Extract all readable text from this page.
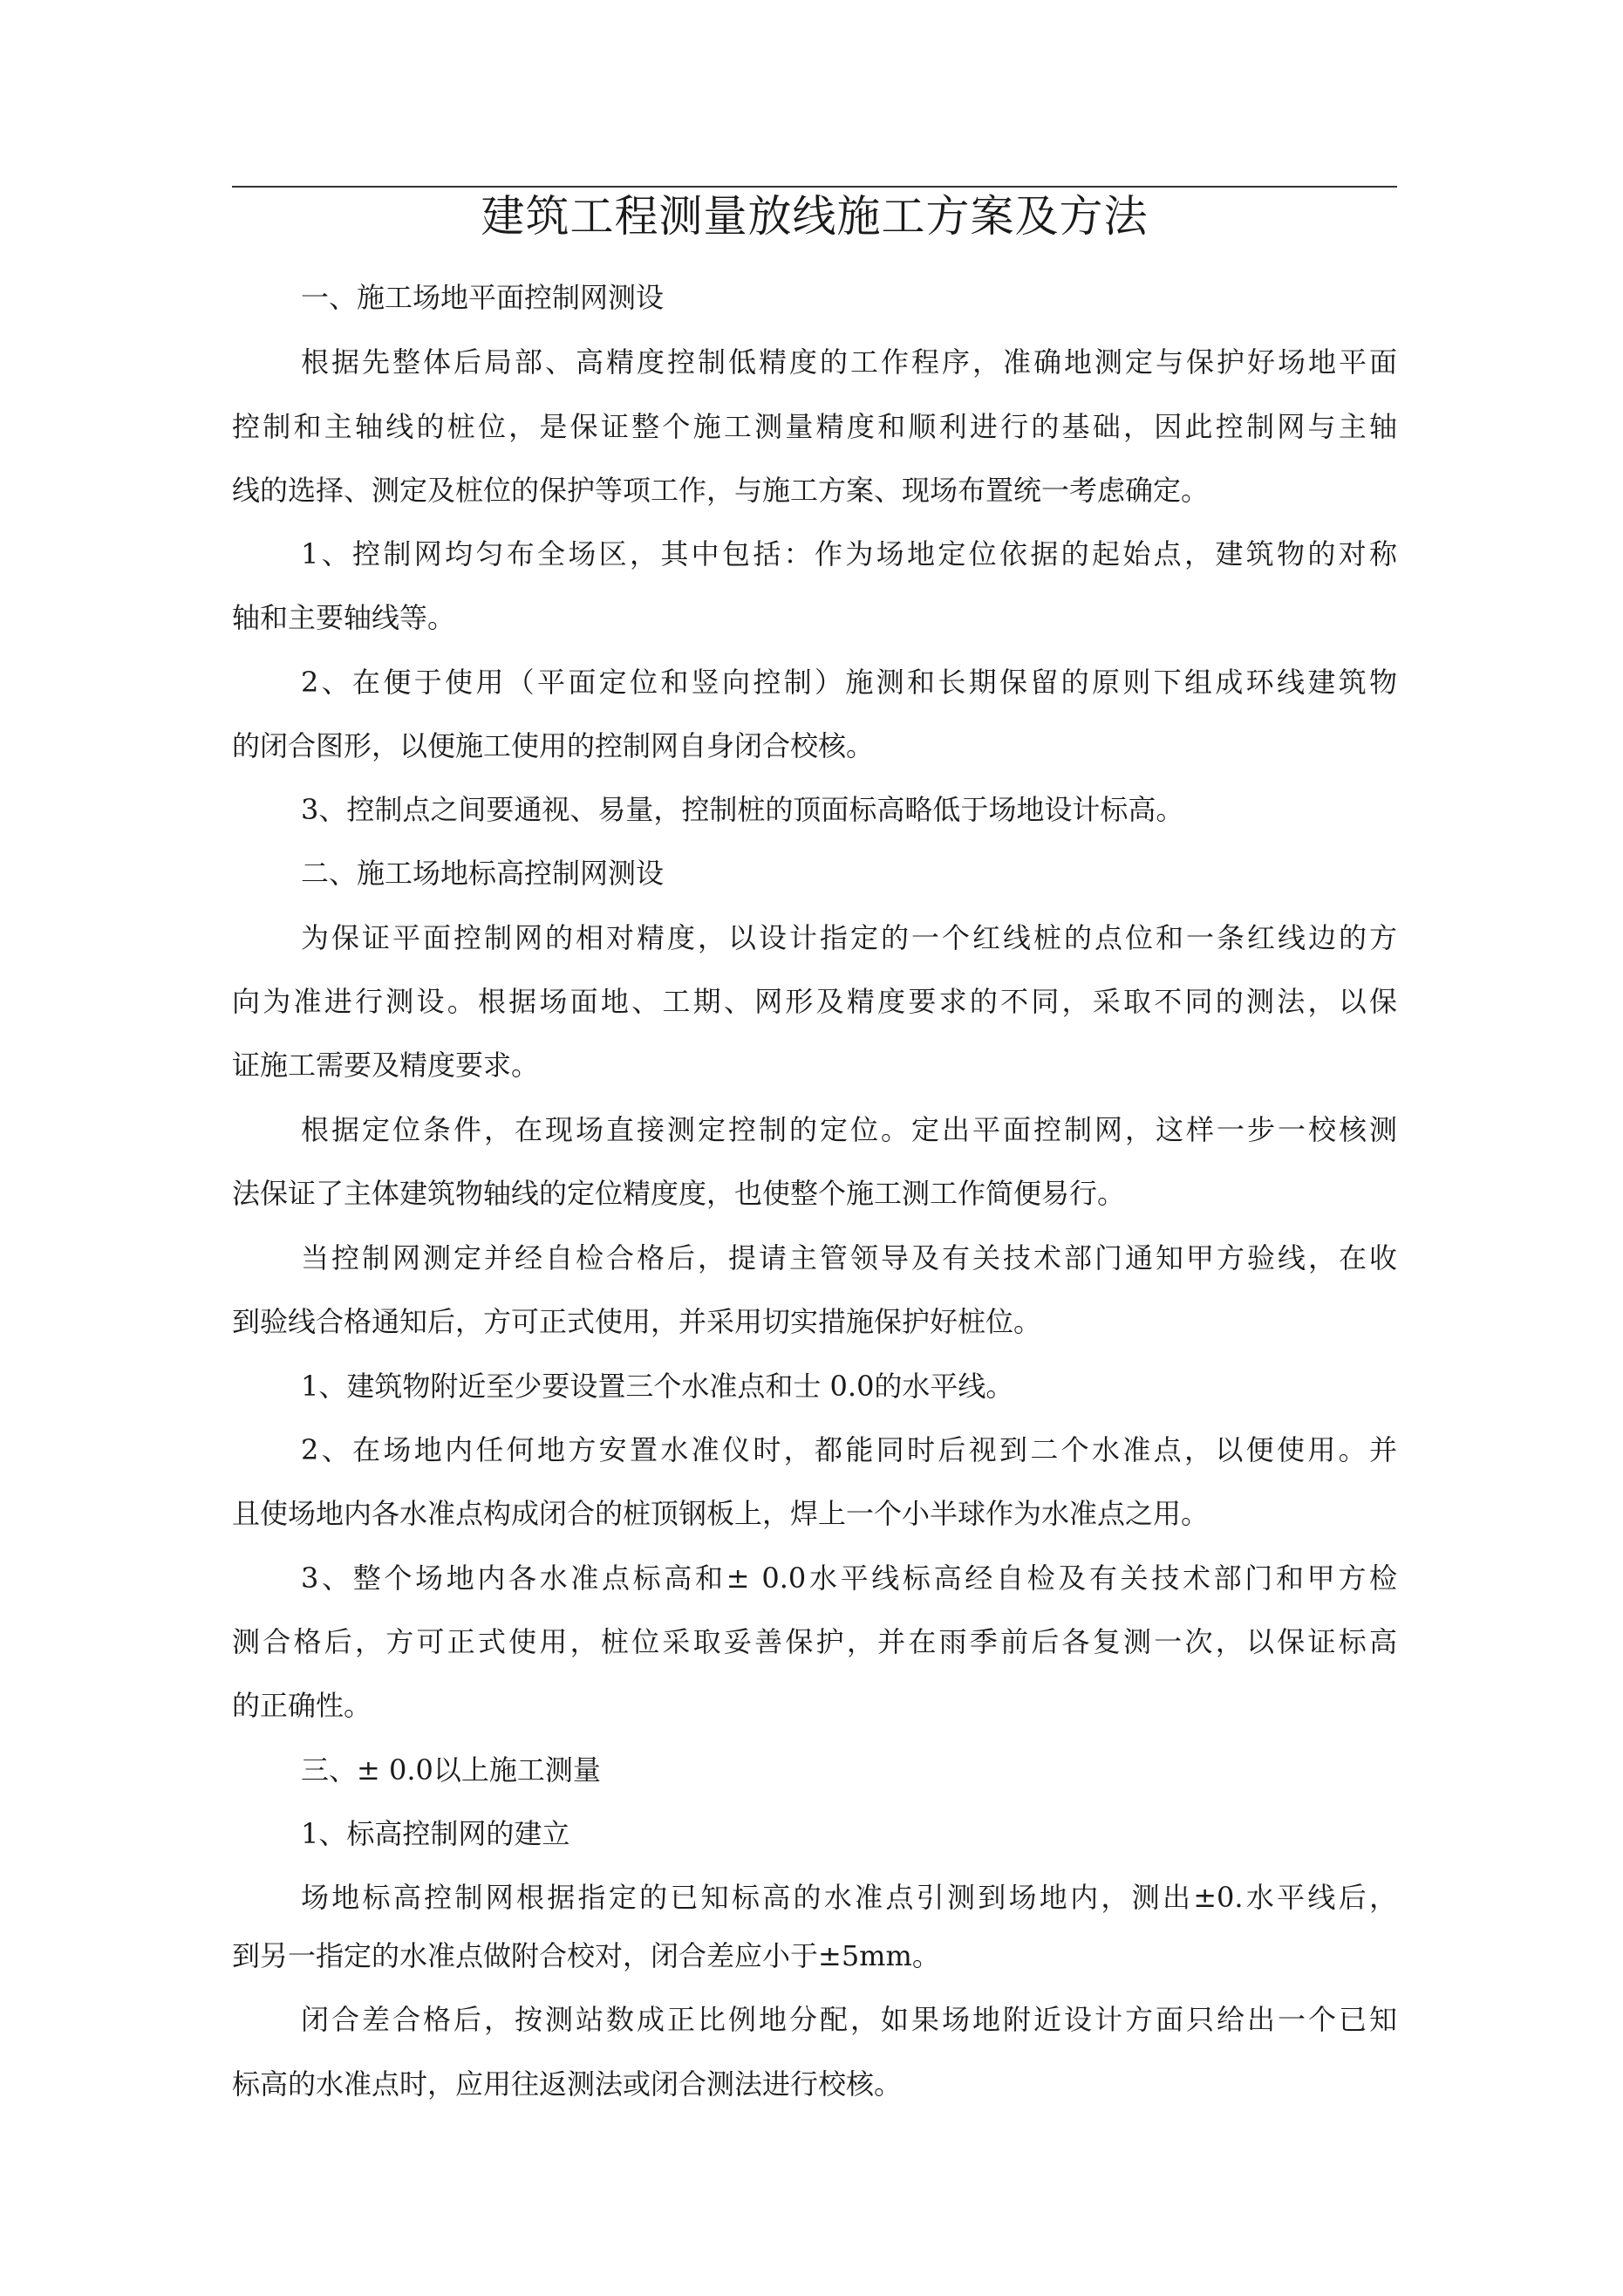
建筑工程测量放线施工方案及方法
一、施工场地平面控制网测设
根据先整体后局部、高精度控制低精度的工作程序，准确地测定与保护好场地平面
控制和主轴线的桩位，是保证整个施工测量精度和顺利进行的基础，因此控制网与主轴
线的选择、测定及桩位的保护等项工作，与施工方案、现场布置统一考虑确定。
1、控制网均匀布全场区，其中包括：作为场地定位依据的起始点，建筑物的对称
轴和主要轴线等。
2、在便于使用（平面定位和竖向控制）施测和长期保留的原则下组成环线建筑物
的闭合图形，以便施工使用的控制网自身闭合校核。
3、控制点之间要通视、易量，控制桩的顶面标高略低于场地设计标高。
二、施工场地标高控制网测设
为保证平面控制网的相对精度，以设计指定的一个红线桩的点位和一条红线边的方
向为准进行测设。根据场面地、工期、网形及精度要求的不同，采取不同的测法，以保
证施工需要及精度要求。
根据定位条件，在现场直接测定控制的定位。定出平面控制网，这样一步一校核测
法保证了主体建筑物轴线的定位精度度，也使整个施工测工作简便易行。
当控制网测定并经自检合格后，提请主管领导及有关技术部门通知甲方验线，在收
到验线合格通知后，方可正式使用，并采用切实措施保护好桩位。
1、建筑物附近至少要设置三个水准点和士 0.0的水平线。
2、在场地内任何地方安置水准仪时，都能同时后视到二个水准点，以便使用。并
且使场地内各水准点构成闭合的桩顶钢板上，焊上一个小半球作为水准点之用。
3、整个场地内各水准点标高和± 0.0水平线标高经自检及有关技术部门和甲方检
测合格后，方可正式使用，桩位采取妥善保护，并在雨季前后各复测一次，以保证标高
的正确性。
三、± 0.0以上施工测量
1、标高控制网的建立
场地标高控制网根据指定的已知标高的水准点引测到场地内，测出±0.水平线后，
到另一指定的水准点做附合校对，闭合差应小于±5mm。
闭合差合格后，按测站数成正比例地分配，如果场地附近设计方面只给出一个已知
标高的水准点时，应用往返测法或闭合测法进行校核。
